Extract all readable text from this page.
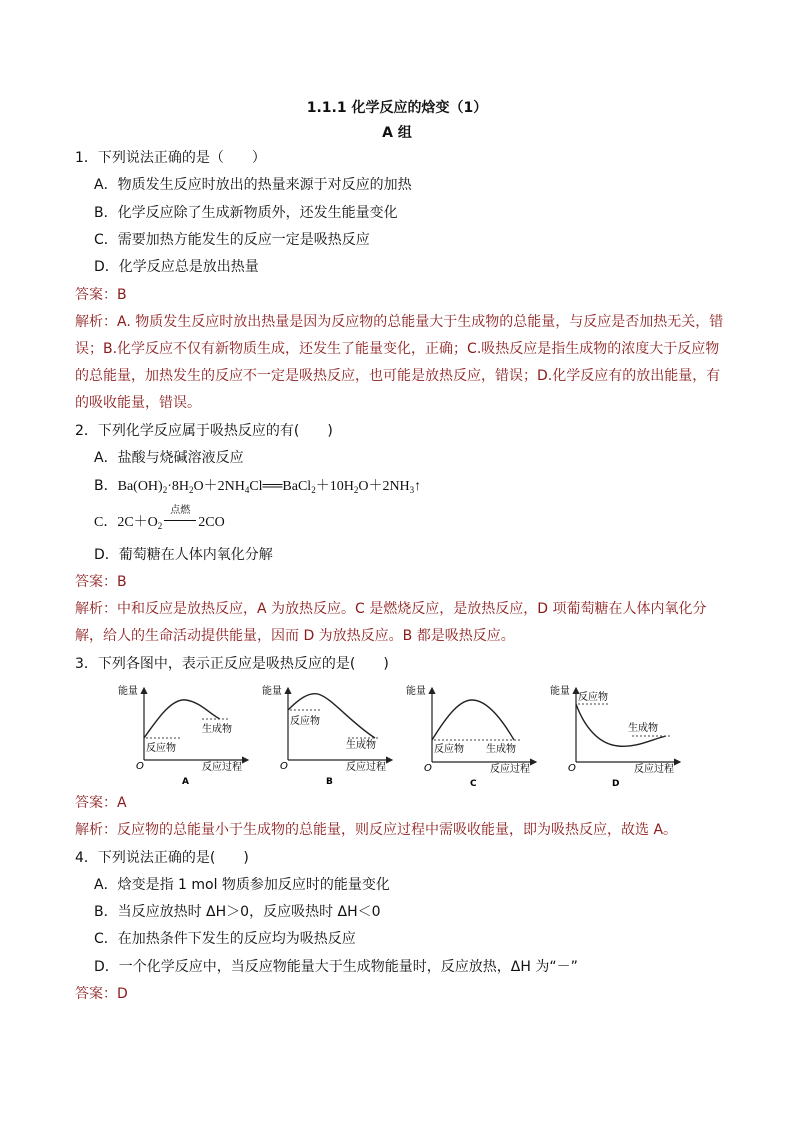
1.1.1 化学反应的焓变（1）
A 组
1．下列说法正确的是（　　）
A．物质发生反应时放出的热量来源于对反应的加热
B．化学反应除了生成新物质外，还发生能量变化
C．需要加热方能发生的反应一定是吸热反应
D．化学反应总是放出热量
答案：B
解析：A. 物质发生反应时放出热量是因为反应物的总能量大于生成物的总能量，与反应是否加热无关，错误；B.化学反应不仅有新物质生成，还发生了能量变化，正确；C.吸热反应是指生成物的浓度大于反应物的总能量，加热发生的反应不一定是吸热反应，也可能是放热反应，错误；D.化学反应有的放出能量，有的吸收能量，错误。
2．下列化学反应属于吸热反应的有(　　)
A．盐酸与烧碱溶液反应
B．$Ba(OH)_2\cdot 8H_2O+2NH_4Cl══BaCl_2+10H_2O+2NH_3↑$
C．$2C+O_2$
点燃
2CO
D．葡萄糖在人体内氧化分解
答案：B
解析：中和反应是放热反应，A 为放热反应。C 是燃烧反应，是放热反应，D 项葡萄糖在人体内氧化分解，给人的生命活动提供能量，因而 D 为放热反应。B 都是吸热反应。
3．下列各图中，表示正反应是吸热反应的是(　　)
能量
生成物
反应物
O	反应过程
A
能量
反应物
生成物
O	反应过程
B
能量
反应物 生成物
O	反应过程
C
能量
反应物
生成物
O	反应过程
D
答案：A
解析：反应物的总能量小于生成物的总能量，则反应过程中需吸收能量，即为吸热反应，故选 A。
4．下列说法正确的是(　　)
A．焓变是指 1 mol 物质参加反应时的能量变化
B．当反应放热时 ΔH＞0，反应吸热时 ΔH＜0
C．在加热条件下发生的反应均为吸热反应
D．一个化学反应中，当反应物能量大于生成物能量时，反应放热，ΔH 为“－”
答案：D
